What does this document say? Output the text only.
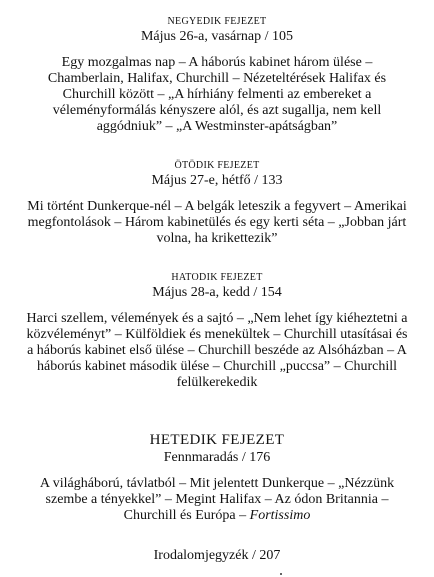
NEGYEDIK FEJEZET

Május 26-a, vasárnap / 105

Egy mozgalmas nap – A háborús kabinet három ülése – Chamberlain, Halifax, Churchill – Nézeteltérések Halifax és Churchill között – „A hírhiány felmenti az embereket a véleményformálás kényszere alól, és azt sugallja, nem kell aggódniuk” – „A Westminster-apátságban”

ÖTÖDIK FEJEZET

Május 27-e, hétfő / 133

Mi történt Dunkerque-nél – A belgák leteszik a fegyvert – Amerikai megfontolások – Három kabinetülés és egy kerti séta – „Jobban járt volna, ha krikettezik”

HATODIK FEJEZET

Május 28-a, kedd / 154

Harci szellem, vélemények és a sajtó – „Nem lehet így kiéheztetni a közvéleményt” – Külföldiek és menekültek – Churchill utasításai és a háborús kabinet első ülése – Churchill beszéde az Alsóházban – A háborús kabinet második ülése – Churchill „puccsa” – Churchill felülkerekedik

HETEDIK FEJEZET

Fennmaradás / 176

A világháború, távlatból – Mit jelentett Dunkerque – „Nézzünk szembe a tényekkel” – Megint Halifax – Az ódon Britannia – Churchill és Európa – Fortissimo

Irodalomjegyzék / 207
